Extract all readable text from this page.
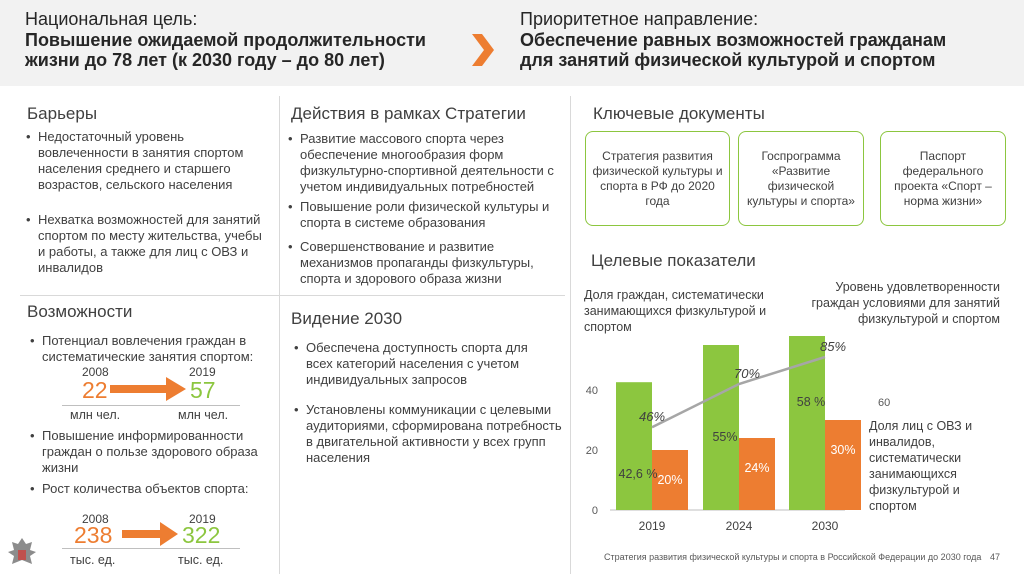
Национальная цель:
Повышение ожидаемой продолжительности
жизни до 78 лет (к 2030 году – до 80 лет)
Приоритетное направление:
Обеспечение равных возможностей гражданам
для занятий физической культурой и спортом
Барьеры
• Недостаточный уровень вовлеченности в занятия спортом населения среднего и старшего возрастов, сельского населения
• Нехватка возможностей для занятий спортом по месту жительства, учебы и работы, а также для лиц с ОВЗ и инвалидов
Действия в рамках Стратегии
• Развитие массового спорта через обеспечение многообразия форм физкультурно-спортивной деятельности с учетом индивидуальных потребностей
• Повышение роли физической культуры и спорта в системе образования
• Совершенствование и развитие механизмов пропаганды физкультуры, спорта и здорового образа жизни
Возможности
• Потенциал вовлечения граждан в систематические занятия спортом:
2008	2019
22	57
млн чел.	млн чел.
• Повышение информированности граждан о пользе здорового образа жизни
• Рост количества объектов спорта:
2008	2019
238	322
тыс. ед.	тыс. ед.
Видение 2030
• Обеспечена доступность спорта для всех категорий населения с учетом индивидуальных запросов
• Установлены коммуникации с целевыми аудиториями, сформирована потребность в двигательной активности у всех групп населения
Ключевые документы
Стратегия развития физической культуры и спорта в РФ до 2020 года
Госпрограмма «Развитие физической культуры и спорта»
Паспорт федерального проекта «Спорт – норма жизни»
Целевые показатели
Доля граждан, систематически занимающихся физкультурой и спортом
Уровень удовлетворенности граждан условиями для занятий физкультурой и спортом
Доля лиц с ОВЗ и инвалидов, систематически занимающихся физкультурой и спортом
0
20
40
60
2019
42,6 % 20%
2024
55%
24%
2030
58 %
30%
46%
70%
85%
Стратегия развития физической культуры и спорта в Российской Федерации до 2030 года 47
